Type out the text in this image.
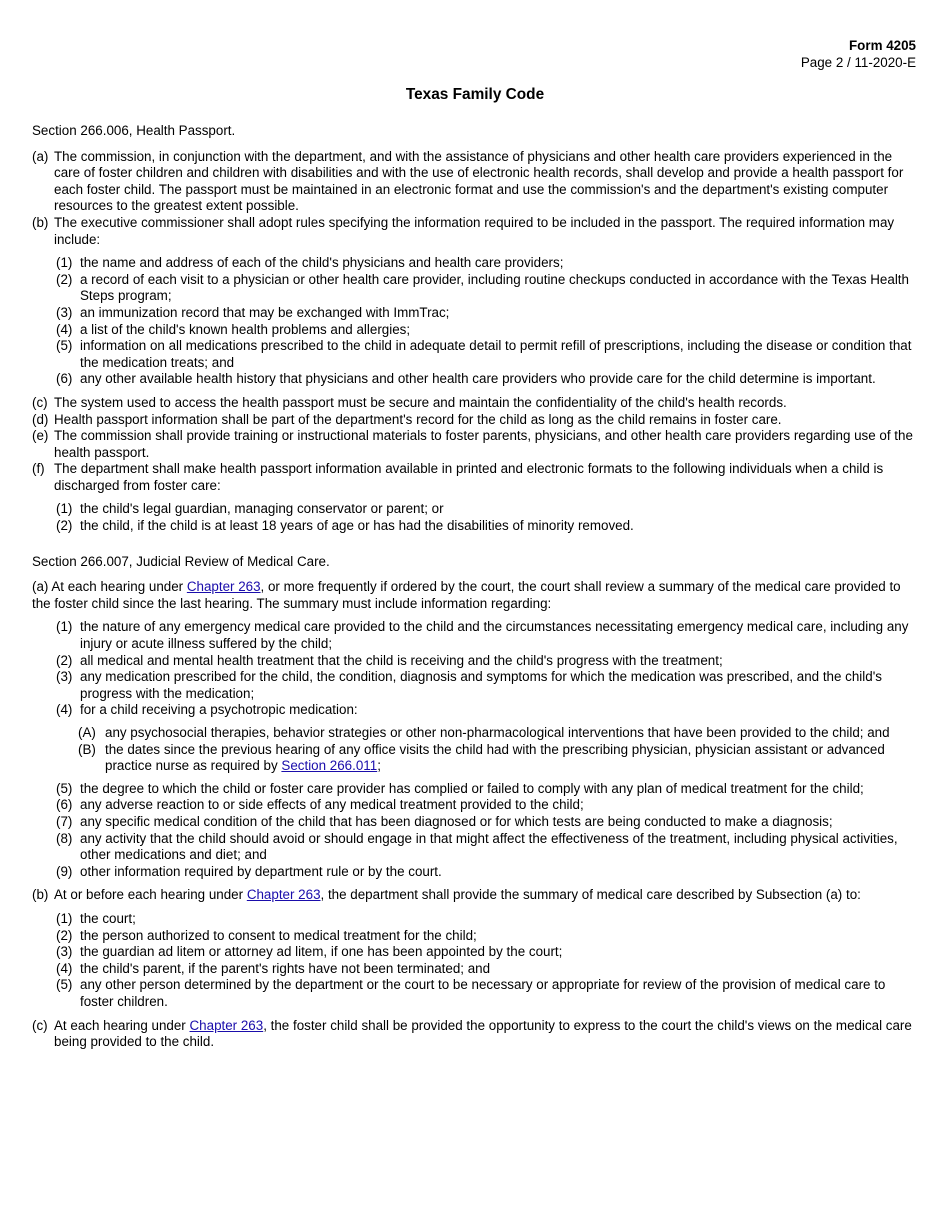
Form 4205
Page 2 / 11-2020-E
Texas Family Code
Section 266.006, Health Passport.
(a) The commission, in conjunction with the department, and with the assistance of physicians and other health care providers experienced in the care of foster children and children with disabilities and with the use of electronic health records, shall develop and provide a health passport for each foster child. The passport must be maintained in an electronic format and use the commission's and the department's existing computer resources to the greatest extent possible.
(b) The executive commissioner shall adopt rules specifying the information required to be included in the passport. The required information may include:
(1) the name and address of each of the child's physicians and health care providers;
(2) a record of each visit to a physician or other health care provider, including routine checkups conducted in accordance with the Texas Health Steps program;
(3) an immunization record that may be exchanged with ImmTrac;
(4) a list of the child's known health problems and allergies;
(5) information on all medications prescribed to the child in adequate detail to permit refill of prescriptions, including the disease or condition that the medication treats; and
(6) any other available health history that physicians and other health care providers who provide care for the child determine is important.
(c) The system used to access the health passport must be secure and maintain the confidentiality of the child's health records.
(d) Health passport information shall be part of the department's record for the child as long as the child remains in foster care.
(e) The commission shall provide training or instructional materials to foster parents, physicians, and other health care providers regarding use of the health passport.
(f) The department shall make health passport information available in printed and electronic formats to the following individuals when a child is discharged from foster care:
(1) the child's legal guardian, managing conservator or parent; or
(2) the child, if the child is at least 18 years of age or has had the disabilities of minority removed.
Section 266.007, Judicial Review of Medical Care.
(a) At each hearing under Chapter 263, or more frequently if ordered by the court, the court shall review a summary of the medical care provided to the foster child since the last hearing. The summary must include information regarding:
(1) the nature of any emergency medical care provided to the child and the circumstances necessitating emergency medical care, including any injury or acute illness suffered by the child;
(2) all medical and mental health treatment that the child is receiving and the child's progress with the treatment;
(3) any medication prescribed for the child, the condition, diagnosis and symptoms for which the medication was prescribed, and the child's progress with the medication;
(4) for a child receiving a psychotropic medication:
(A) any psychosocial therapies, behavior strategies or other non-pharmacological interventions that have been provided to the child; and
(B) the dates since the previous hearing of any office visits the child had with the prescribing physician, physician assistant or advanced practice nurse as required by Section 266.011;
(5) the degree to which the child or foster care provider has complied or failed to comply with any plan of medical treatment for the child;
(6) any adverse reaction to or side effects of any medical treatment provided to the child;
(7) any specific medical condition of the child that has been diagnosed or for which tests are being conducted to make a diagnosis;
(8) any activity that the child should avoid or should engage in that might affect the effectiveness of the treatment, including physical activities, other medications and diet; and
(9) other information required by department rule or by the court.
(b) At or before each hearing under Chapter 263, the department shall provide the summary of medical care described by Subsection (a) to:
(1) the court;
(2) the person authorized to consent to medical treatment for the child;
(3) the guardian ad litem or attorney ad litem, if one has been appointed by the court;
(4) the child's parent, if the parent's rights have not been terminated; and
(5) any other person determined by the department or the court to be necessary or appropriate for review of the provision of medical care to foster children.
(c) At each hearing under Chapter 263, the foster child shall be provided the opportunity to express to the court the child's views on the medical care being provided to the child.
